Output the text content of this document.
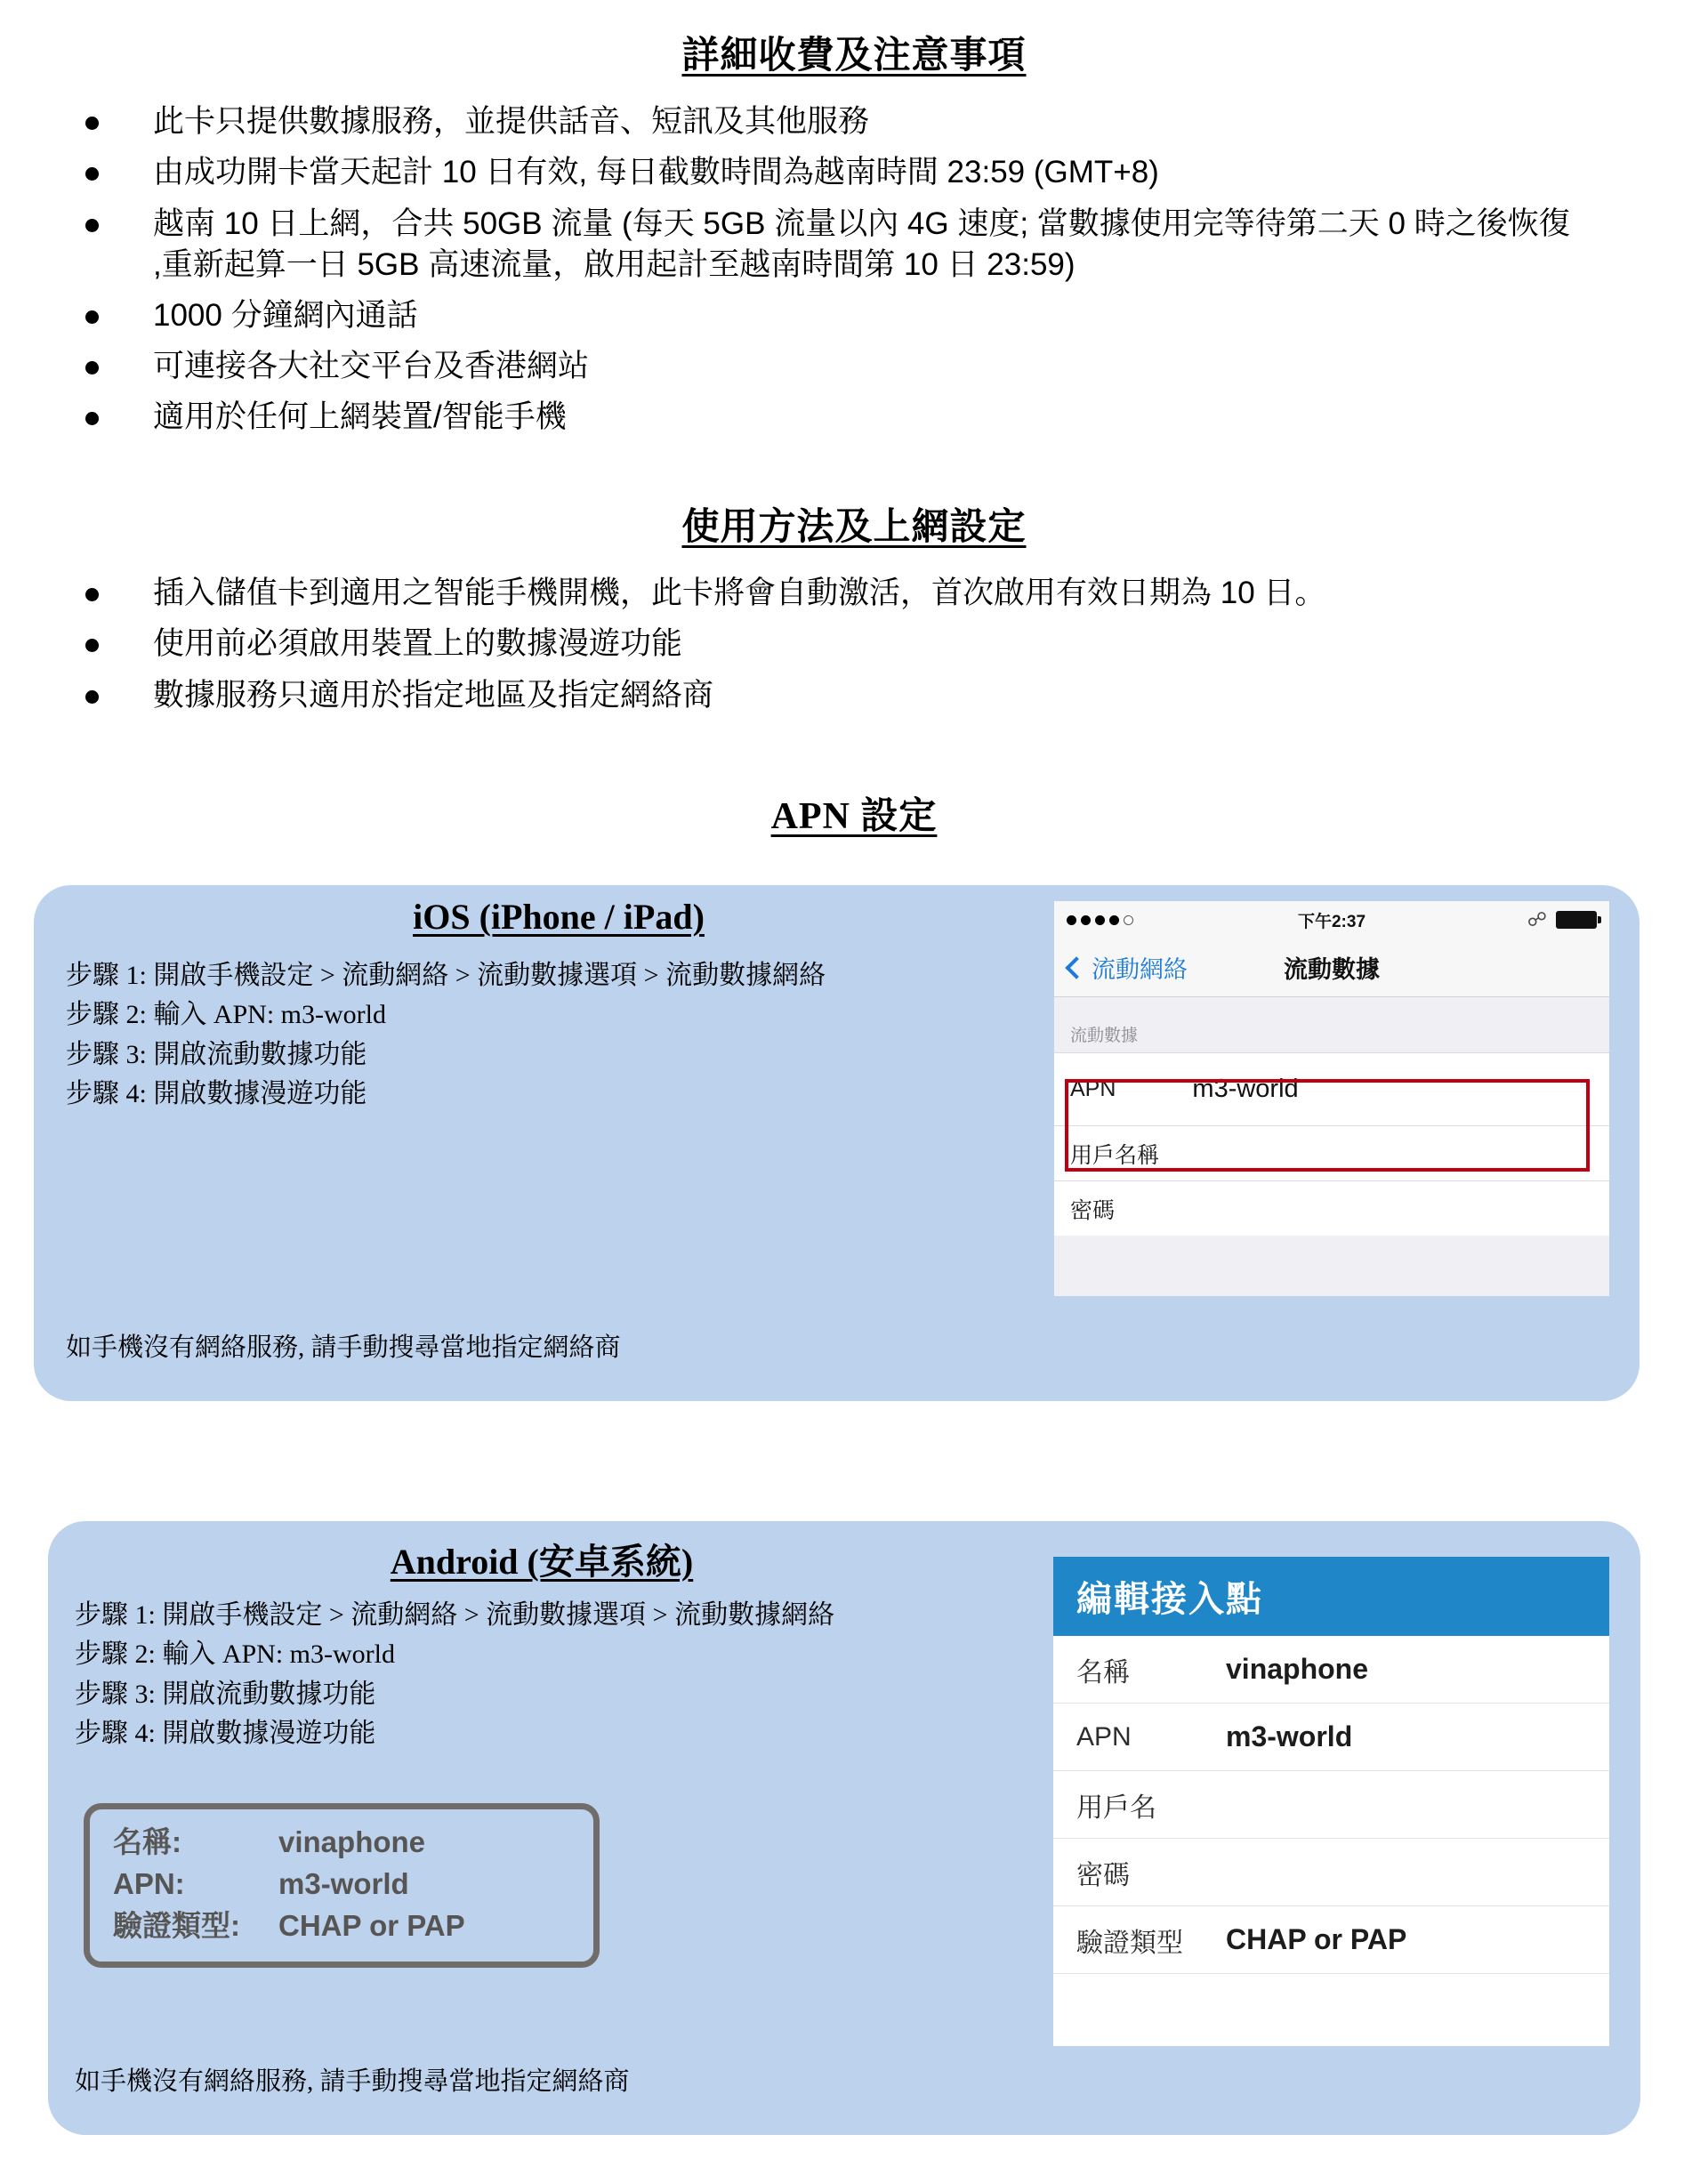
詳細收費及注意事項
此卡只提供數據服務，並提供話音、短訊及其他服務
由成功開卡當天起計 10 日有效, 每日截數時間為越南時間 23:59 (GMT+8)
越南 10 日上網，合共 50GB 流量 (每天 5GB 流量以內 4G 速度; 當數據使用完等待第二天 0 時之後恢復
,重新起算一日 5GB 高速流量，啟用起計至越南時間第 10 日 23:59)
1000 分鐘網內通話
可連接各大社交平台及香港網站
適用於任何上網裝置/智能手機
使用方法及上網設定
插入儲值卡到適用之智能手機開機，此卡將會自動激活，首次啟用有效日期為 10 日。
使用前必須啟用裝置上的數據漫遊功能
數據服務只適用於指定地區及指定網絡商
APN 設定
iOS (iPhone / iPad)
步驟 1: 開啟手機設定 > 流動網絡 > 流動數據選項 > 流動數據網絡
步驟 2: 輸入 APN: m3-world
步驟 3: 開啟流動數據功能
步驟 4: 開啟數據漫遊功能
如手機沒有網絡服務, 請手動搜尋當地指定網絡商
下午2:37	☍
流動網絡	流動數據
流動數據
APN	m3-world
用戶名稱
密碼
Android (安卓系統)
步驟 1: 開啟手機設定 > 流動網絡 > 流動數據選項 > 流動數據網絡
步驟 2: 輸入 APN: m3-world
步驟 3: 開啟流動數據功能
步驟 4: 開啟數據漫遊功能
名稱:	vinaphone
APN:	m3-world
驗證類型:	CHAP or PAP
如手機沒有網絡服務, 請手動搜尋當地指定網絡商
編輯接入點
名稱	vinaphone
APN	m3-world
用戶名
密碼
驗證類型	CHAP or PAP
